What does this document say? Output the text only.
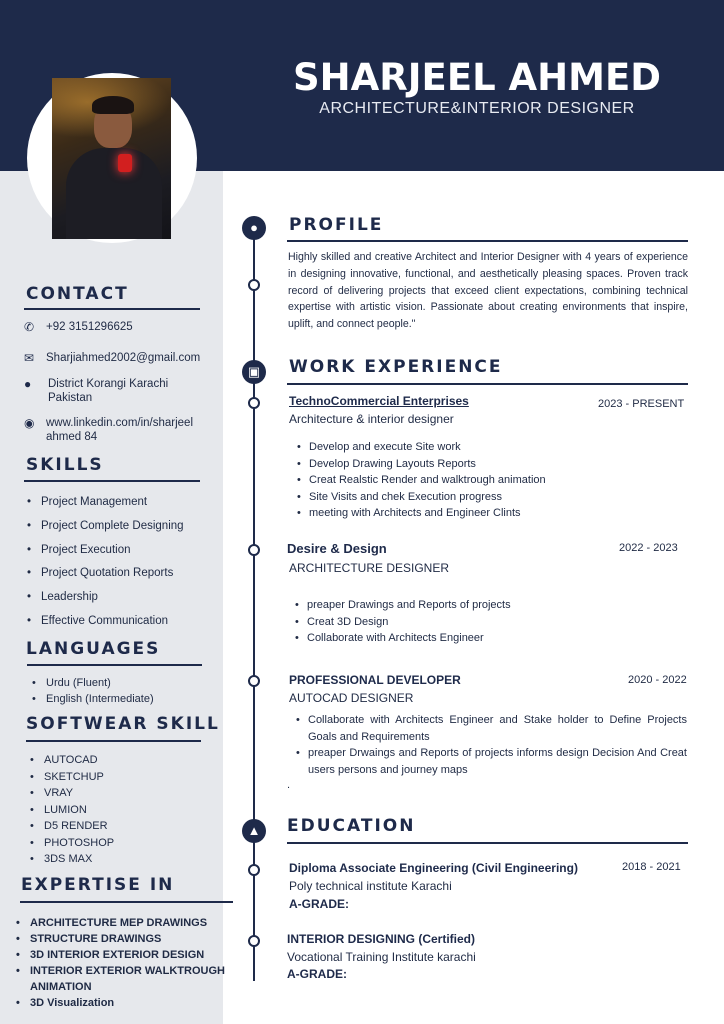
SHARJEEL AHMED
ARCHITECTURE&INTERIOR DESIGNER
CONTACT
✆	+92 3151296625
✉	Sharjiahmed2002@gmail.com
●	District Korangi Karachi Pakistan
◉	www.linkedin.com/in/sharjeel ahmed 84
SKILLS
• Project Management
• Project Complete Designing
• Project Execution
• Project Quotation Reports
• Leadership
• Effective Communication
LANGUAGES
• Urdu (Fluent)
• English (Intermediate)
SOFTWEAR SKILL
• AUTOCAD
• SKETCHUP
• VRAY
• LUMION
• D5 RENDER
• PHOTOSHOP
• 3DS MAX
EXPERTISE IN
• ARCHITECTURE MEP DRAWINGS
• STRUCTURE DRAWINGS
• 3D INTERIOR EXTERIOR DESIGN
• INTERIOR EXTERIOR WALKTROUGH ANIMATION
• 3D Visualization
●	PROFILE
Highly skilled and creative Architect and Interior Designer with 4 years of experience in designing innovative, functional, and aesthetically pleasing spaces. Proven track record of delivering projects that exceed client expectations, combining technical expertise with artistic vision. Passionate about creating environments that inspire, uplift, and connect people."
▣	WORK EXPERIENCE
TechnoCommercial Enterprises	2023 - PRESENT
Architecture & interior designer
• Develop and execute Site work
• Develop Drawing Layouts Reports
• Creat Realstic Render and walktrough animation
• Site Visits and chek Execution progress
• meeting with Architects and Engineer Clints
Desire & Design	2022 - 2023
ARCHITECTURE DESIGNER
• preaper Drawings and Reports of projects
• Creat 3D Design
• Collaborate with Architects Engineer
PROFESSIONAL DEVELOPER	2020 - 2022
AUTOCAD DESIGNER
• Collaborate with Architects Engineer and Stake holder to Define Projects Goals and Requirements
• preaper Drwaings and Reports of projects informs design Decision And Creat users persons and journey maps
.
▲	EDUCATION
Diploma Associate Engineering (Civil Engineering)	2018 - 2021
Poly technical institute Karachi
A-GRADE:
INTERIOR DESIGNING (Certified)
Vocational Training Institute karachi
A-GRADE:
